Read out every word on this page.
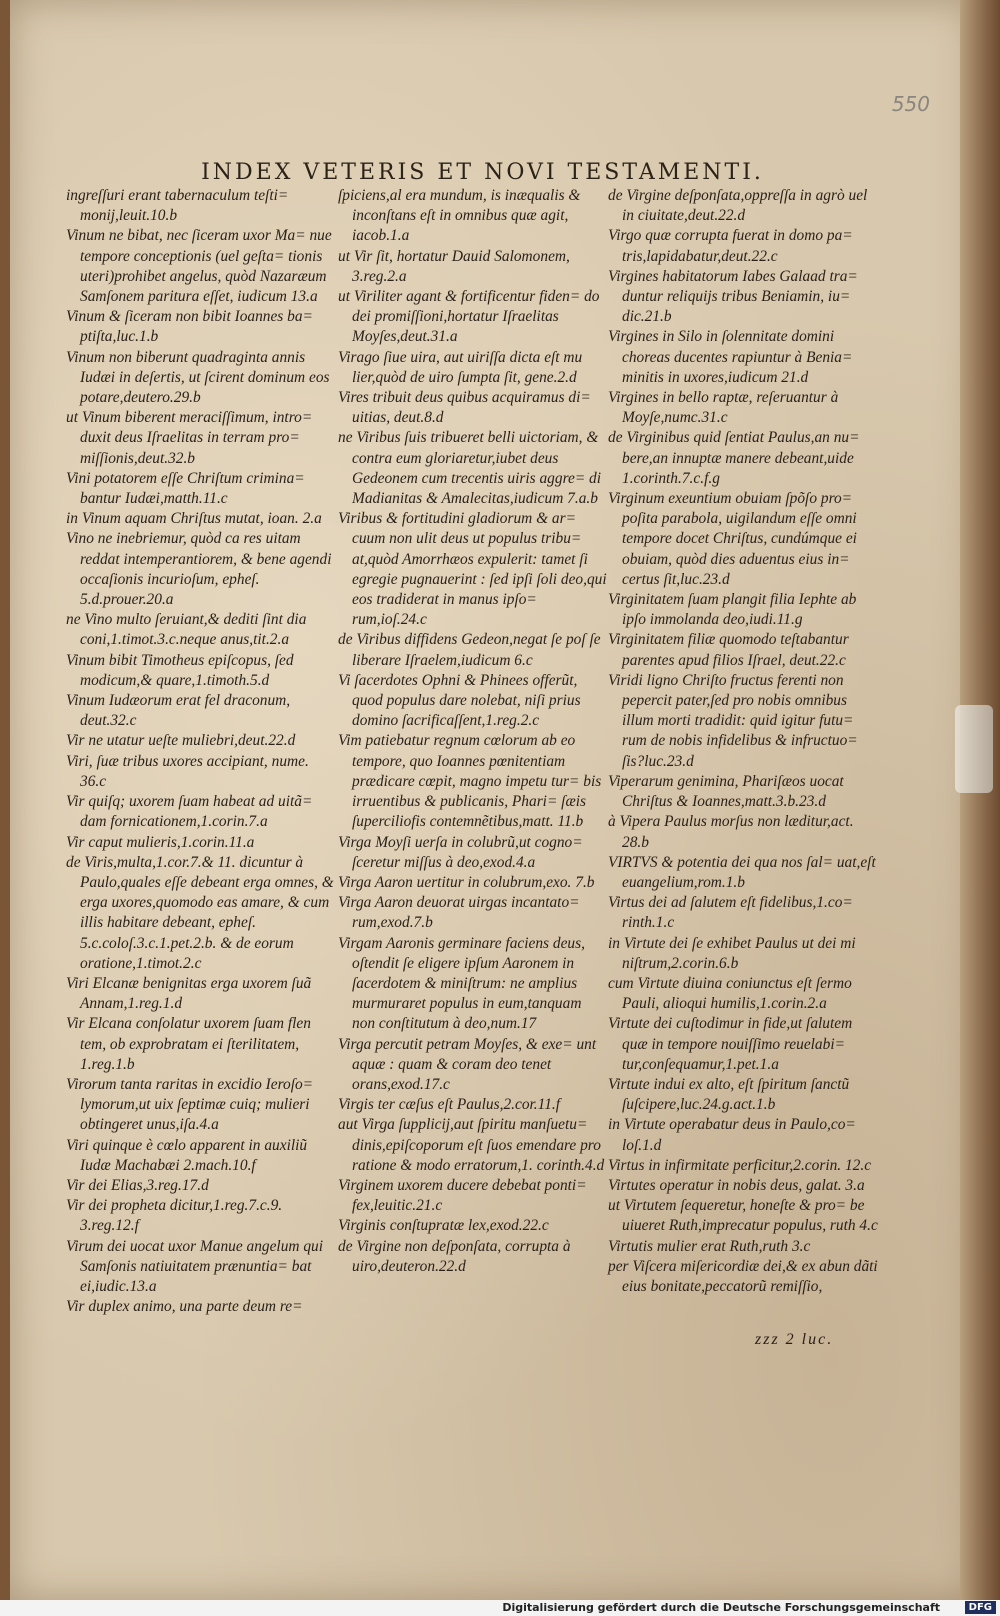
550
INDEX VETERIS ET NOVI TESTAMENTI.

ingreſſuri erant tabernaculum teſti= monij,leuit.10.b

Vinum ne bibat, nec ſiceram uxor Ma= nue tempore conceptionis (uel geſta= tionis uteri)prohibet angelus, quòd Nazaræum Samſonem paritura eſſet, iudicum 13.a

Vinum & ſiceram non bibit Ioannes ba= ptiſta,luc.1.b

Vinum non biberunt quadraginta annis Iudæi in deſertis, ut ſcirent dominum eos potare,deutero.29.b

ut Vinum biberent meraciſſimum, intro= duxit deus Iſraelitas in terram pro= miſſionis,deut.32.b

Vini potatorem eſſe Chriſtum crimina= bantur Iudæi,matth.11.c

in Vinum aquam Chriſtus mutat, ioan. 2.a

Vino ne inebriemur, quòd ca res uitam reddat intemperantiorem, & bene agendi occaſionis incurioſum, epheſ. 5.d.prouer.20.a

ne Vino multo ſeruiant,& dediti ſint dia coni,1.timot.3.c.neque anus,tit.2.a

Vinum bibit Timotheus epiſcopus, ſed modicum,& quare,1.timoth.5.d

Vinum Iudæorum erat fel draconum, deut.32.c

Vir ne utatur ueſte muliebri,deut.22.d

Viri, ſuæ tribus uxores accipiant, nume. 36.c

Vir quiſq; uxorem ſuam habeat ad uitã= dam fornicationem,1.corin.7.a

Vir caput mulieris,1.corin.11.a

de Viris,multa,1.cor.7.& 11. dicuntur à Paulo,quales eſſe debeant erga omnes, & erga uxores,quomodo eas amare, & cum illis habitare debeant, epheſ. 5.c.coloſ.3.c.1.pet.2.b. & de eorum oratione,1.timot.2.c

Viri Elcanæ benignitas erga uxorem ſuã Annam,1.reg.1.d

Vir Elcana conſolatur uxorem ſuam flen tem, ob exprobratam ei ſterilitatem, 1.reg.1.b

Virorum tanta raritas in excidio Ieroſo= lymorum,ut uix ſeptimæ cuiq; mulieri obtingeret unus,iſa.4.a

Viri quinque è cœlo apparent in auxiliũ Iudæ Machabæi 2.mach.10.f

Vir dei Elias,3.reg.17.d

Vir dei propheta dicitur,1.reg.7.c.9. 3.reg.12.f

Virum dei uocat uxor Manue angelum qui Samſonis natiuitatem prænuntia= bat ei,iudic.13.a

Vir duplex animo, una parte deum re=

ſpiciens,al era mundum, is inæqualis & inconſtans eſt in omnibus quæ agit, iacob.1.a

ut Vir ſit, hortatur Dauid Salomonem, 3.reg.2.a

ut Viriliter agant & fortificentur fiden= do dei promiſſioni,hortatur Iſraelitas Moyſes,deut.31.a

Virago ſiue uira, aut uiriſſa dicta eſt mu lier,quòd de uiro ſumpta ſit, gene.2.d

Vires tribuit deus quibus acquiramus di= uitias, deut.8.d

ne Viribus ſuis tribueret belli uictoriam, & contra eum gloriaretur,iubet deus Gedeonem cum trecentis uiris aggre= di Madianitas & Amalecitas,iudicum 7.a.b

Viribus & fortitudini gladiorum & ar= cuum non ulit deus ut populus tribu= at,quòd Amorrhæos expulerit: tamet ſi egregie pugnauerint : ſed ipſi ſoli deo,qui eos tradiderat in manus ipſo= rum,ioſ.24.c

de Viribus diffidens Gedeon,negat ſe poſ ſe liberare Iſraelem,iudicum 6.c

Vi ſacerdotes Ophni & Phinees offerũt, quod populus dare nolebat, niſi prius domino ſacrificaſſent,1.reg.2.c

Vim patiebatur regnum cœlorum ab eo tempore, quo Ioannes pœnitentiam prædicare cœpit, magno impetu tur= bis irruentibus & publicanis, Phari= ſæis ſuperciliofis contemnẽtibus,matt. 11.b

Virga Moyſi uerſa in colubrũ,ut cogno= ſceretur miſſus à deo,exod.4.a

Virga Aaron uertitur in colubrum,exo. 7.b

Virga Aaron deuorat uirgas incantato= rum,exod.7.b

Virgam Aaronis germinare faciens deus, oſtendit ſe eligere ipſum Aaronem in ſacerdotem & miniſtrum: ne amplius murmuraret populus in eum,tanquam non conſtitutum à deo,num.17

Virga percutit petram Moyſes, & exe= unt aquæ : quam & coram deo tenet orans,exod.17.c

Virgis ter cæſus eſt Paulus,2.cor.11.f

aut Virga ſupplicij,aut ſpiritu manſuetu= dinis,epiſcoporum eſt ſuos emendare pro ratione & modo erratorum,1. corinth.4.d

Virginem uxorem ducere debebat ponti= fex,leuitic.21.c

Virginis conſtupratæ lex,exod.22.c

de Virgine non deſponſata, corrupta à uiro,deuteron.22.d

de Virgine deſponſata,oppreſſa in agrò uel in ciuitate,deut.22.d

Virgo quæ corrupta fuerat in domo pa= tris,lapidabatur,deut.22.c

Virgines habitatorum Iabes Galaad tra= duntur reliquijs tribus Beniamin, iu= dic.21.b

Virgines in Silo in ſolennitate domini choreas ducentes rapiuntur à Benia= minitis in uxores,iudicum 21.d

Virgines in bello raptæ, reſeruantur à Moyſe,numc.31.c

de Virginibus quid ſentiat Paulus,an nu= bere,an innuptæ manere debeant,uide 1.corinth.7.c.f.g

Virginum exeuntium obuiam ſpõſo pro= poſita parabola, uigilandum eſſe omni tempore docet Chriſtus, cundúmque ei obuiam, quòd dies aduentus eius in= certus ſit,luc.23.d

Virginitatem ſuam plangit filia Iephte ab ipſo immolanda deo,iudi.11.g

Virginitatem filiæ quomodo teſtabantur parentes apud filios Iſrael, deut.22.c

Viridi ligno Chriſto fructus ferenti non pepercit pater,ſed pro nobis omnibus illum morti tradidit: quid igitur futu= rum de nobis infidelibus & infructuo= ſis?luc.23.d

Viperarum genimina, Phariſæos uocat Chriſtus & Ioannes,matt.3.b.23.d

à Vipera Paulus morſus non læditur,act. 28.b

VIRTVS & potentia dei qua nos ſal= uat,eſt euangelium,rom.1.b

Virtus dei ad ſalutem eſt fidelibus,1.co= rinth.1.c

in Virtute dei ſe exhibet Paulus ut dei mi niſtrum,2.corin.6.b

cum Virtute diuina coniunctus eſt ſermo Pauli, alioqui humilis,1.corin.2.a

Virtute dei cuſtodimur in fide,ut ſalutem quæ in tempore nouiſſimo reuelabi= tur,conſequamur,1.pet.1.a

Virtute indui ex alto, eſt ſpiritum ſanctũ ſuſcipere,luc.24.g.act.1.b

in Virtute operabatur deus in Paulo,co= loſ.1.d

Virtus in infirmitate perficitur,2.corin. 12.c

Virtutes operatur in nobis deus, galat. 3.a

ut Virtutem ſequeretur, honeſte & pro= be uiueret Ruth,imprecatur populus, ruth 4.c

Virtutis mulier erat Ruth,ruth 3.c

per Viſcera miſericordiæ dei,& ex abun dãti eius bonitate,peccatorũ remiſſio,

zzz 2 luc.
Digitalisierung gefördert durch die Deutsche Forschungsgemeinschaft	DFG
